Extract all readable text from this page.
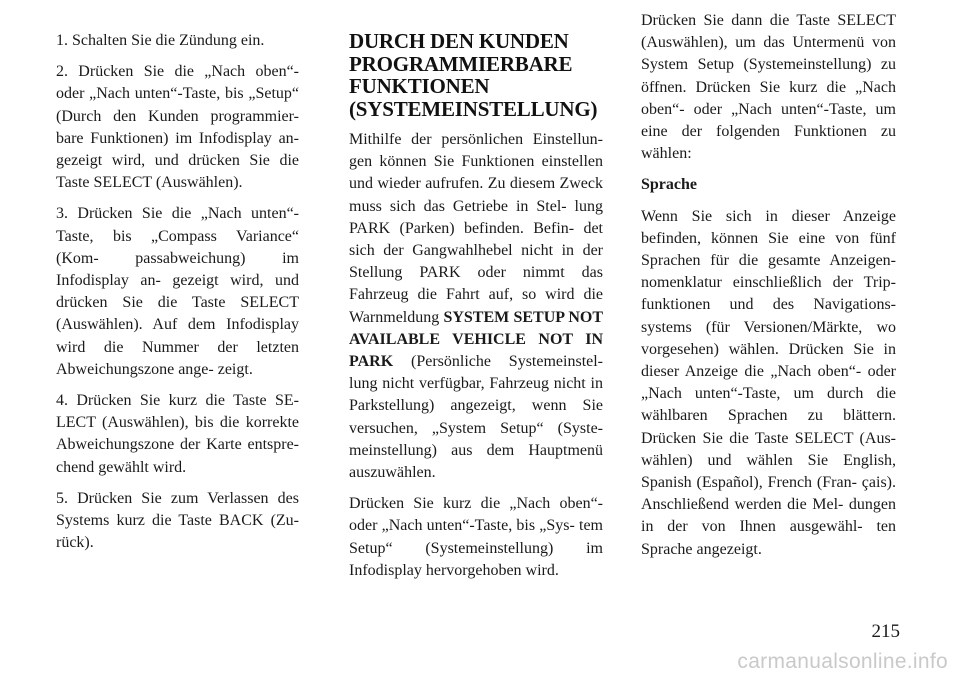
1. Schalten Sie die Zündung ein.

2. Drücken Sie die „Nach oben“- oder „Nach unten“-Taste, bis „Setup“ (Durch den Kunden programmier- bare Funktionen) im Infodisplay an- gezeigt wird, und drücken Sie die Taste SELECT (Auswählen).

3. Drücken Sie die „Nach unten“- Taste, bis „Compass Variance“ (Kom- passabweichung) im Infodisplay an- gezeigt wird, und drücken Sie die Taste SELECT (Auswählen). Auf dem Infodisplay wird die Nummer der letzten Abweichungszone ange- zeigt.

4. Drücken Sie kurz die Taste SE- LECT (Auswählen), bis die korrekte Abweichungszone der Karte entspre- chend gewählt wird.

5. Drücken Sie zum Verlassen des Systems kurz die Taste BACK (Zu- rück).

DURCH DEN KUNDEN PROGRAMMIERBARE FUNKTIONEN (SYSTEMEINSTELLUNG)

Mithilfe der persönlichen Einstellun- gen können Sie Funktionen einstellen und wieder aufrufen. Zu diesem Zweck muss sich das Getriebe in Stel- lung PARK (Parken) befinden. Befin- det sich der Gangwahlhebel nicht in der Stellung PARK oder nimmt das Fahrzeug die Fahrt auf, so wird die Warnmeldung SYSTEM SETUP NOT AVAILABLE VEHICLE NOT IN PARK (Persönliche Systemeinstel- lung nicht verfügbar, Fahrzeug nicht in Parkstellung) angezeigt, wenn Sie versuchen, „System Setup“ (Syste- meinstellung) aus dem Hauptmenü auszuwählen.

Drücken Sie kurz die „Nach oben“- oder „Nach unten“-Taste, bis „Sys- tem Setup“ (Systemeinstellung) im Infodisplay hervorgehoben wird.

Drücken Sie dann die Taste SELECT (Auswählen), um das Untermenü von System Setup (Systemeinstellung) zu öffnen. Drücken Sie kurz die „Nach oben“- oder „Nach unten“-Taste, um eine der folgenden Funktionen zu wählen:

Sprache

Wenn Sie sich in dieser Anzeige befinden, können Sie eine von fünf Sprachen für die gesamte Anzeigen- nomenklatur einschließlich der Trip- funktionen und des Navigations- systems (für Versionen/Märkte, wo vorgesehen) wählen. Drücken Sie in dieser Anzeige die „Nach oben“- oder „Nach unten“-Taste, um durch die wählbaren Sprachen zu blättern. Drücken Sie die Taste SELECT (Aus- wählen) und wählen Sie English, Spanish (Español), French (Fran- çais). Anschließend werden die Mel- dungen in der von Ihnen ausgewähl- ten Sprache angezeigt.

215
carmanualsonline.info
